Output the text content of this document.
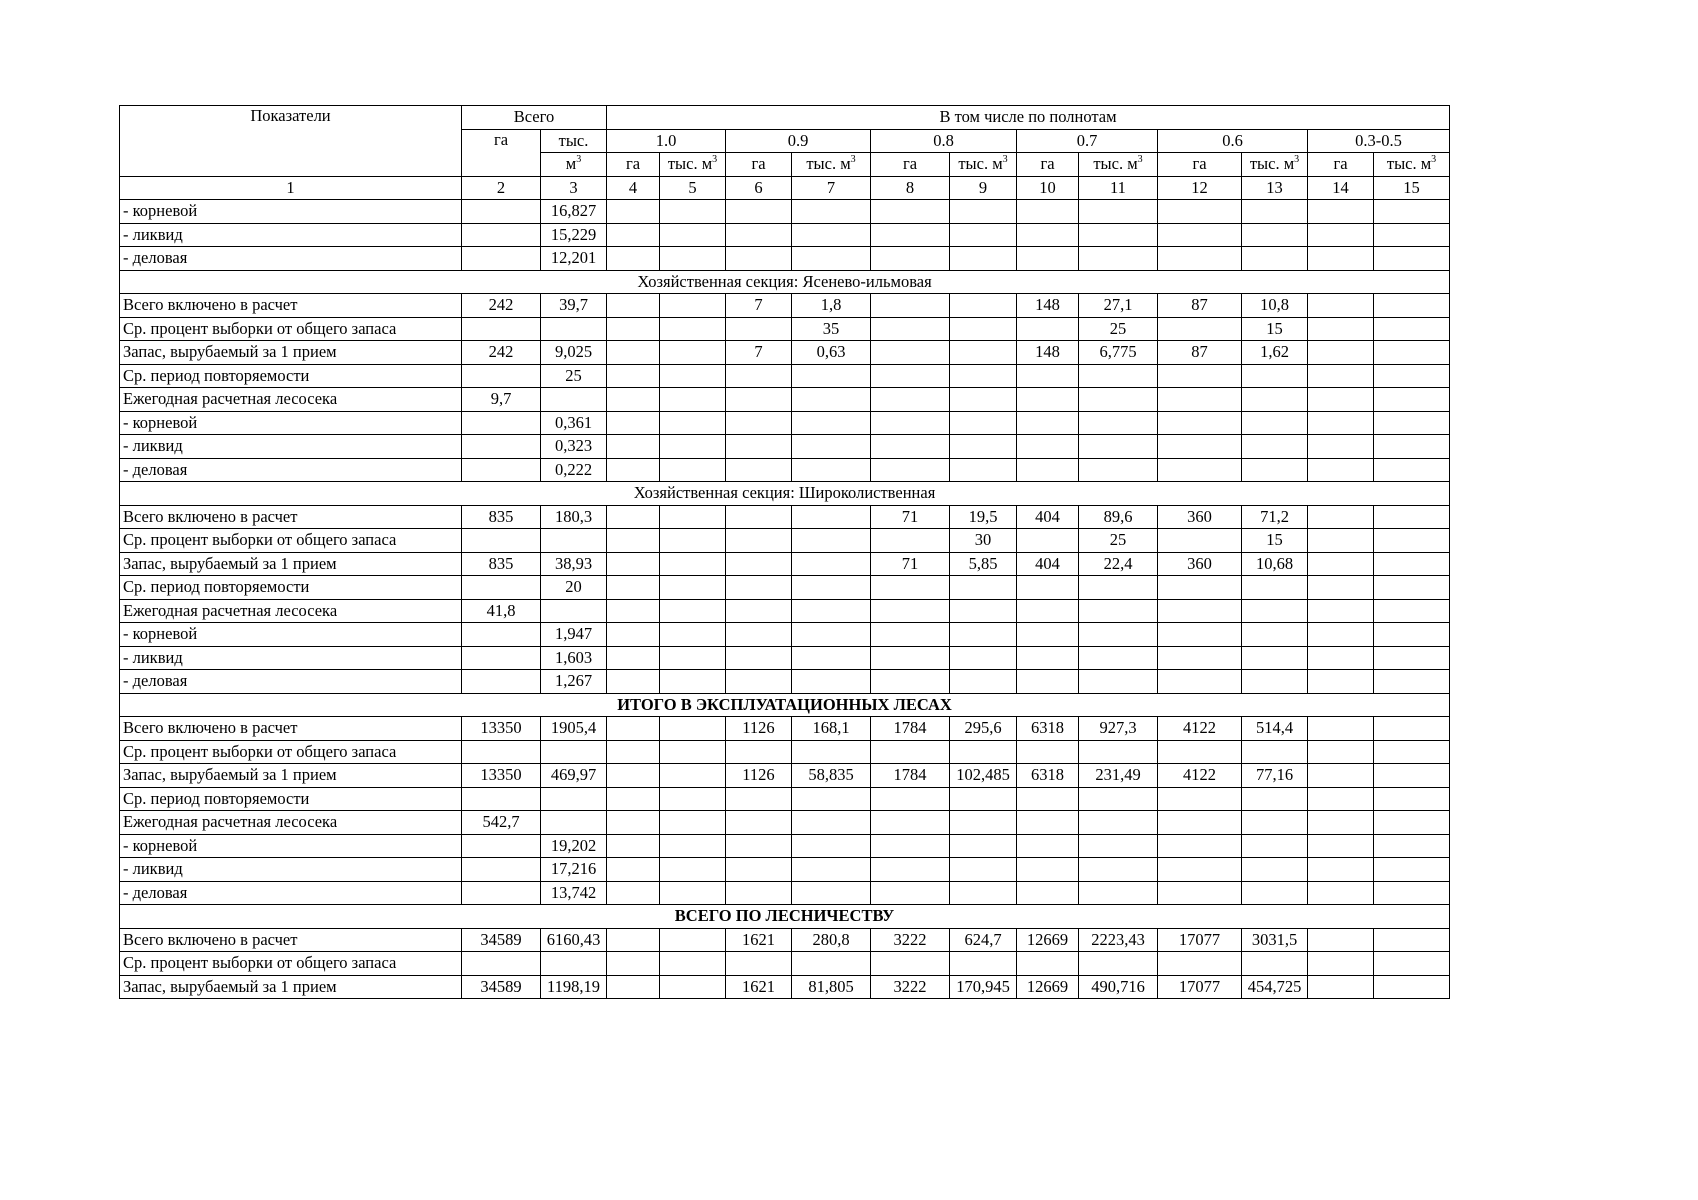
Показатели	Всего		В том числе по полнотам											
	га	тыс.	1.0		0.9		0.8		0.7		0.6		0.3-0.5	
		$м^3$	га	тыс. $м^3$	га	тыс. $м^3$	га	тыс. $м^3$	га	тыс. $м^3$	га	тыс. $м^3$	га	тыс. $м^3$
1	2	3	4	5	6	7	8	9	10	11	12	13	14	15
- корневой		16,827												
- ликвид		15,229												
- деловая		12,201												
Хозяйственная секция: Ясенево-ильмовая														
Всего включено в расчет	242	39,7			7	1,8			148	27,1	87	10,8		
Ср. процент выборки от общего запаса						35				25		15		
Запас, вырубаемый за 1 прием	242	9,025			7	0,63			148	6,775	87	1,62		
Ср. период повторяемости		25												
Ежегодная расчетная лесосека	9,7													
- корневой		0,361												
- ликвид		0,323												
- деловая		0,222												
Хозяйственная секция: Широколиственная														
Всего включено в расчет	835	180,3					71	19,5	404	89,6	360	71,2		
Ср. процент выборки от общего запаса								30		25		15		
Запас, вырубаемый за 1 прием	835	38,93					71	5,85	404	22,4	360	10,68		
Ср. период повторяемости		20												
Ежегодная расчетная лесосека	41,8													
- корневой		1,947												
- ликвид		1,603												
- деловая		1,267												
ИТОГО В ЭКСПЛУАТАЦИОННЫХ ЛЕСАХ														
Всего включено в расчет	13350	1905,4			1126	168,1	1784	295,6	6318	927,3	4122	514,4		
Ср. процент выборки от общего запаса														
Запас, вырубаемый за 1 прием	13350	469,97			1126	58,835	1784	102,485	6318	231,49	4122	77,16		
Ср. период повторяемости														
Ежегодная расчетная лесосека	542,7													
- корневой		19,202												
- ликвид		17,216												
- деловая		13,742												
ВСЕГО ПО ЛЕСНИЧЕСТВУ														
Всего включено в расчет	34589	6160,43			1621	280,8	3222	624,7	12669	2223,43	17077	3031,5		
Ср. процент выборки от общего запаса														
Запас, вырубаемый за 1 прием	34589	1198,19			1621	81,805	3222	170,945	12669	490,716	17077	454,725		
